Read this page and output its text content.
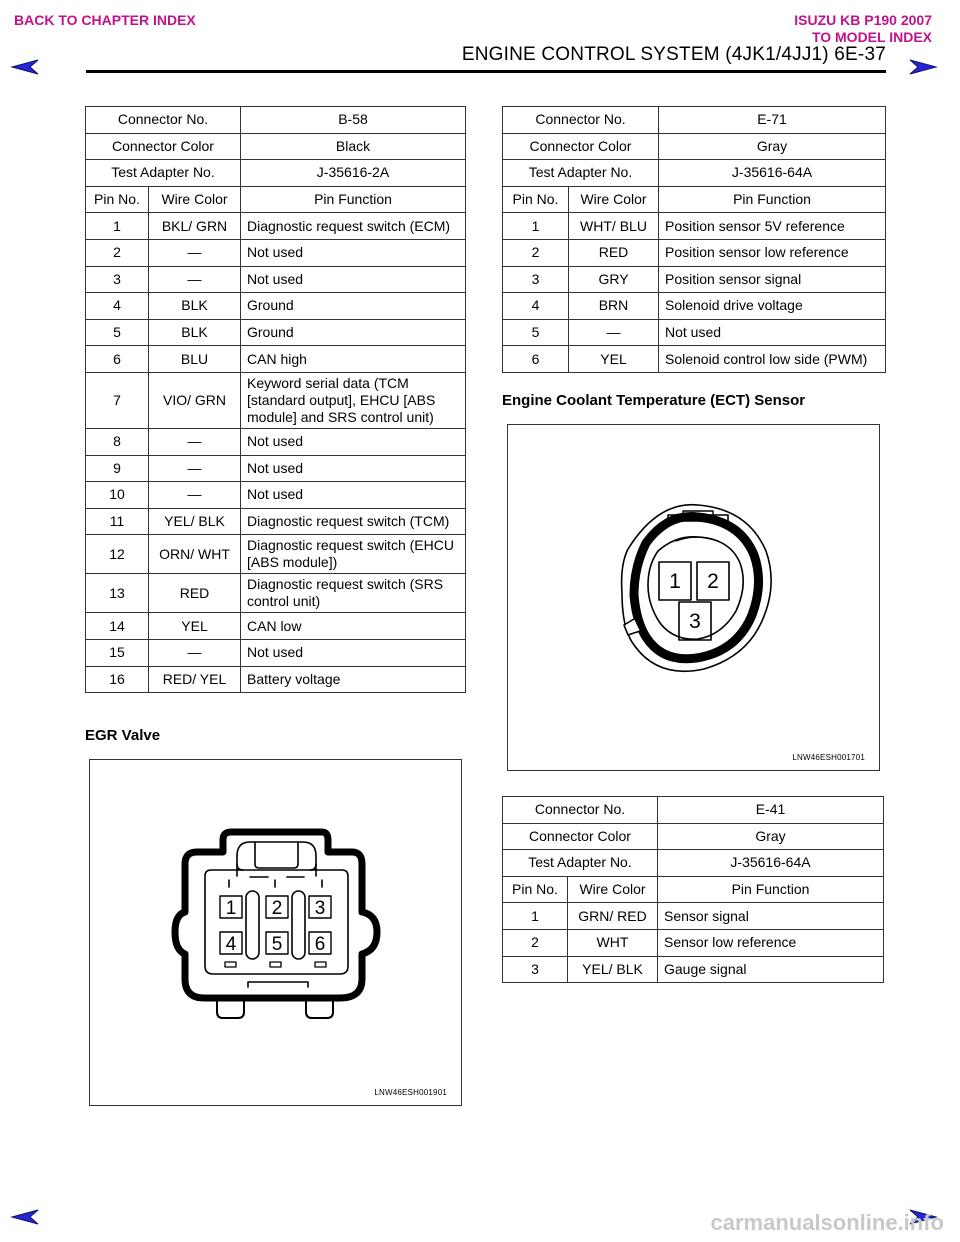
BACK TO CHAPTER INDEX	ISUZU KB P190 2007
TO MODEL INDEX
ENGINE CONTROL SYSTEM (4JK1/4JJ1) 6E-37
Connector No.		B-58
Connector Color		Black
Test Adapter No.		J-35616-2A
Pin No.	Wire Color	Pin Function
1	BKL/ GRN	Diagnostic request switch (ECM)
2	—	Not used
3	—	Not used
4	BLK	Ground
5	BLK	Ground
6	BLU	CAN high
7	VIO/ GRN	Keyword serial data (TCM [standard output], EHCU [ABS module] and SRS control unit)
8	—	Not used
9	—	Not used
10	—	Not used
11	YEL/ BLK	Diagnostic request switch (TCM)
12	ORN/ WHT	Diagnostic request switch (EHCU [ABS module])
13	RED	Diagnostic request switch (SRS control unit)
14	YEL	CAN low
15	—	Not used
16	RED/ YEL	Battery voltage
EGR Valve
1 2 3
4 5 6
LNW46ESH001901
Connector No.		E-71
Connector Color		Gray
Test Adapter No.		J-35616-64A
Pin No.	Wire Color	Pin Function
1	WHT/ BLU	Position sensor 5V reference
2	RED	Position sensor low reference
3	GRY	Position sensor signal
4	BRN	Solenoid drive voltage
5	—	Not used
6	YEL	Solenoid control low side (PWM)
Engine Coolant Temperature (ECT) Sensor
1 2
3
LNW46ESH001701
Connector No.		E-41
Connector Color		Gray
Test Adapter No.		J-35616-64A
Pin No.	Wire Color	Pin Function
1	GRN/ RED	Sensor signal
2	WHT	Sensor low reference
3	YEL/ BLK	Gauge signal
carmanualsonline.info
